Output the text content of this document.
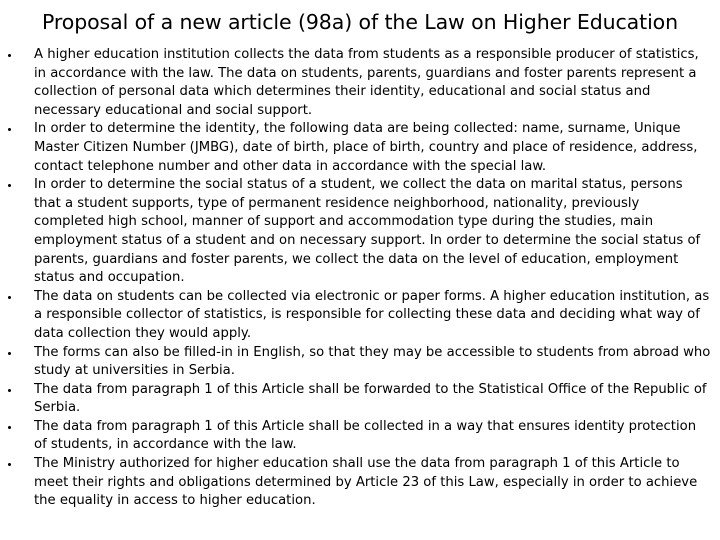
Proposal of a new article (98a) of the Law on Higher Education
A higher education institution collects the data from students as a responsible producer of statistics, in accordance with the law. The data on students, parents, guardians and foster parents represent a collection of personal data which determines their identity, educational and social status and necessary educational and social support.
In order to determine the identity, the following data are being collected: name, surname, Unique Master Citizen Number (JMBG), date of birth, place of birth, country and place of residence, address, contact telephone number and other data in accordance with the special law.
In order to determine the social status of a student, we collect the data on marital status, persons that a student supports, type of permanent residence neighborhood, nationality, previously completed high school, manner of support and accommodation type during the studies, main employment status of a student and on necessary support. In order to determine the social status of parents, guardians and foster parents, we collect the data on the level of education, employment status and occupation.
The data on students can be collected via electronic or paper forms. A higher education institution, as a responsible collector of statistics, is responsible for collecting these data and deciding what way of data collection they would apply.
The forms can also be filled-in in English, so that they may be accessible to students from abroad who study at universities in Serbia.
The data from paragraph 1 of this Article shall be forwarded to the Statistical Office of the Republic of Serbia.
The data from paragraph 1 of this Article shall be collected in a way that ensures identity protection of students, in accordance with the law.
The Ministry authorized for higher education shall use the data from paragraph 1 of this Article to meet their rights and obligations determined by Article 23 of this Law, especially in order to achieve the equality in access to higher education.
